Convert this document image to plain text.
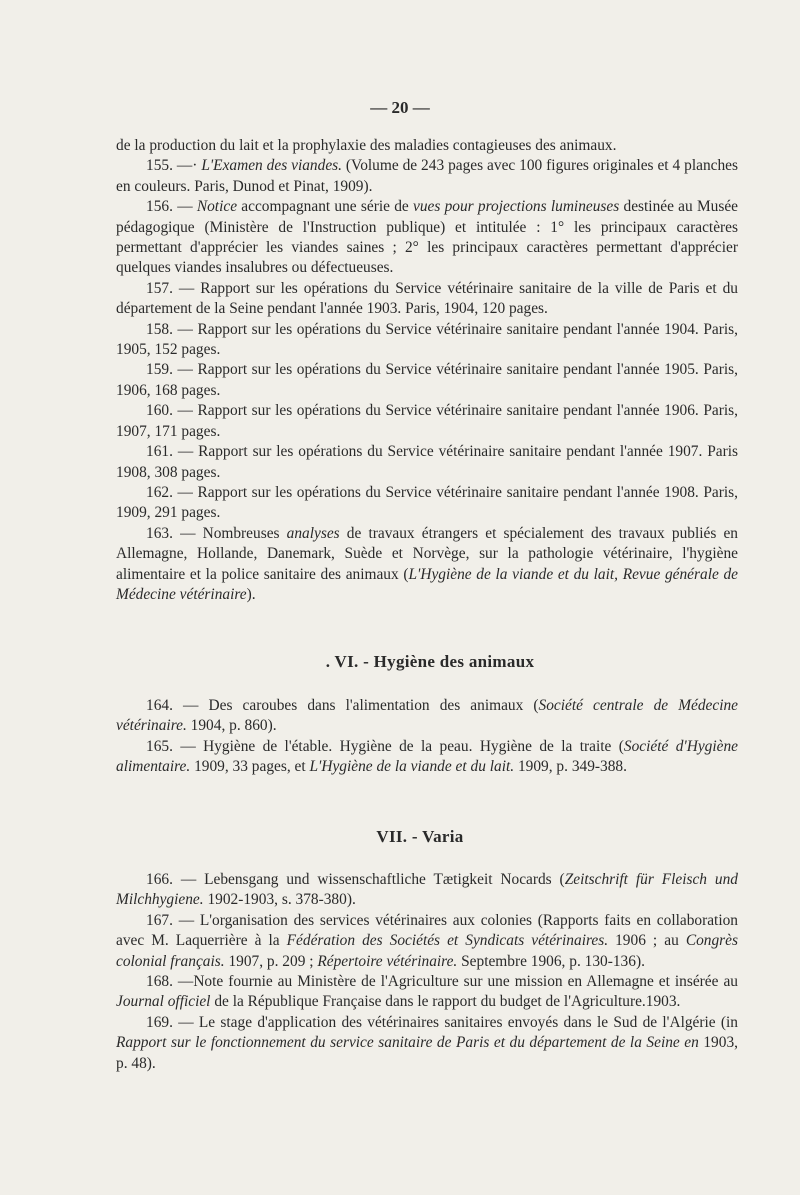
— 20 —

de la production du lait et la prophylaxie des maladies contagieuses des animaux.

155. —· L'Examen des viandes. (Volume de 243 pages avec 100 figures originales et 4 planches en couleurs. Paris, Dunod et Pinat, 1909).

156. — Notice accompagnant une série de vues pour projections lumineuses destinée au Musée pédagogique (Ministère de l'Instruction publique) et intitulée : 1° les principaux caractères permettant d'apprécier les viandes saines ; 2° les principaux caractères permettant d'apprécier quelques viandes insalubres ou défectueuses.

157. — Rapport sur les opérations du Service vétérinaire sanitaire de la ville de Paris et du département de la Seine pendant l'année 1903. Paris, 1904, 120 pages.

158. — Rapport sur les opérations du Service vétérinaire sanitaire pendant l'année 1904. Paris, 1905, 152 pages.

159. — Rapport sur les opérations du Service vétérinaire sanitaire pendant l'année 1905. Paris, 1906, 168 pages.

160. — Rapport sur les opérations du Service vétérinaire sanitaire pendant l'année 1906. Paris, 1907, 171 pages.

161. — Rapport sur les opérations du Service vétérinaire sanitaire pendant l'année 1907. Paris 1908, 308 pages.

162. — Rapport sur les opérations du Service vétérinaire sanitaire pendant l'année 1908. Paris, 1909, 291 pages.

163. — Nombreuses analyses de travaux étrangers et spécialement des travaux publiés en Allemagne, Hollande, Danemark, Suède et Norvège, sur la pathologie vétérinaire, l'hygiène alimentaire et la police sanitaire des animaux (L'Hygiène de la viande et du lait, Revue générale de Médecine vétérinaire).

. VI. - Hygiène des animaux

164. — Des caroubes dans l'alimentation des animaux (Société centrale de Médecine vétérinaire. 1904, p. 860).

165. — Hygiène de l'étable. Hygiène de la peau. Hygiène de la traite (Société d'Hygiène alimentaire. 1909, 33 pages, et L'Hygiène de la viande et du lait. 1909, p. 349-388.

VII. - Varia

166. — Lebensgang und wissenschaftliche Tætigkeit Nocards (Zeitschrift für Fleisch und Milchhygiene. 1902-1903, s. 378-380).

167. — L'organisation des services vétérinaires aux colonies (Rapports faits en collaboration avec M. Laquerrière à la Fédération des Sociétés et Syndicats vétérinaires. 1906 ; au Congrès colonial français. 1907, p. 209 ; Répertoire vétérinaire. Septembre 1906, p. 130-136).

168. —Note fournie au Ministère de l'Agriculture sur une mission en Allemagne et insérée au Journal officiel de la République Française dans le rapport du budget de l'Agriculture.1903.

169. — Le stage d'application des vétérinaires sanitaires envoyés dans le Sud de l'Algérie (in Rapport sur le fonctionnement du service sanitaire de Paris et du département de la Seine en 1903, p. 48).
